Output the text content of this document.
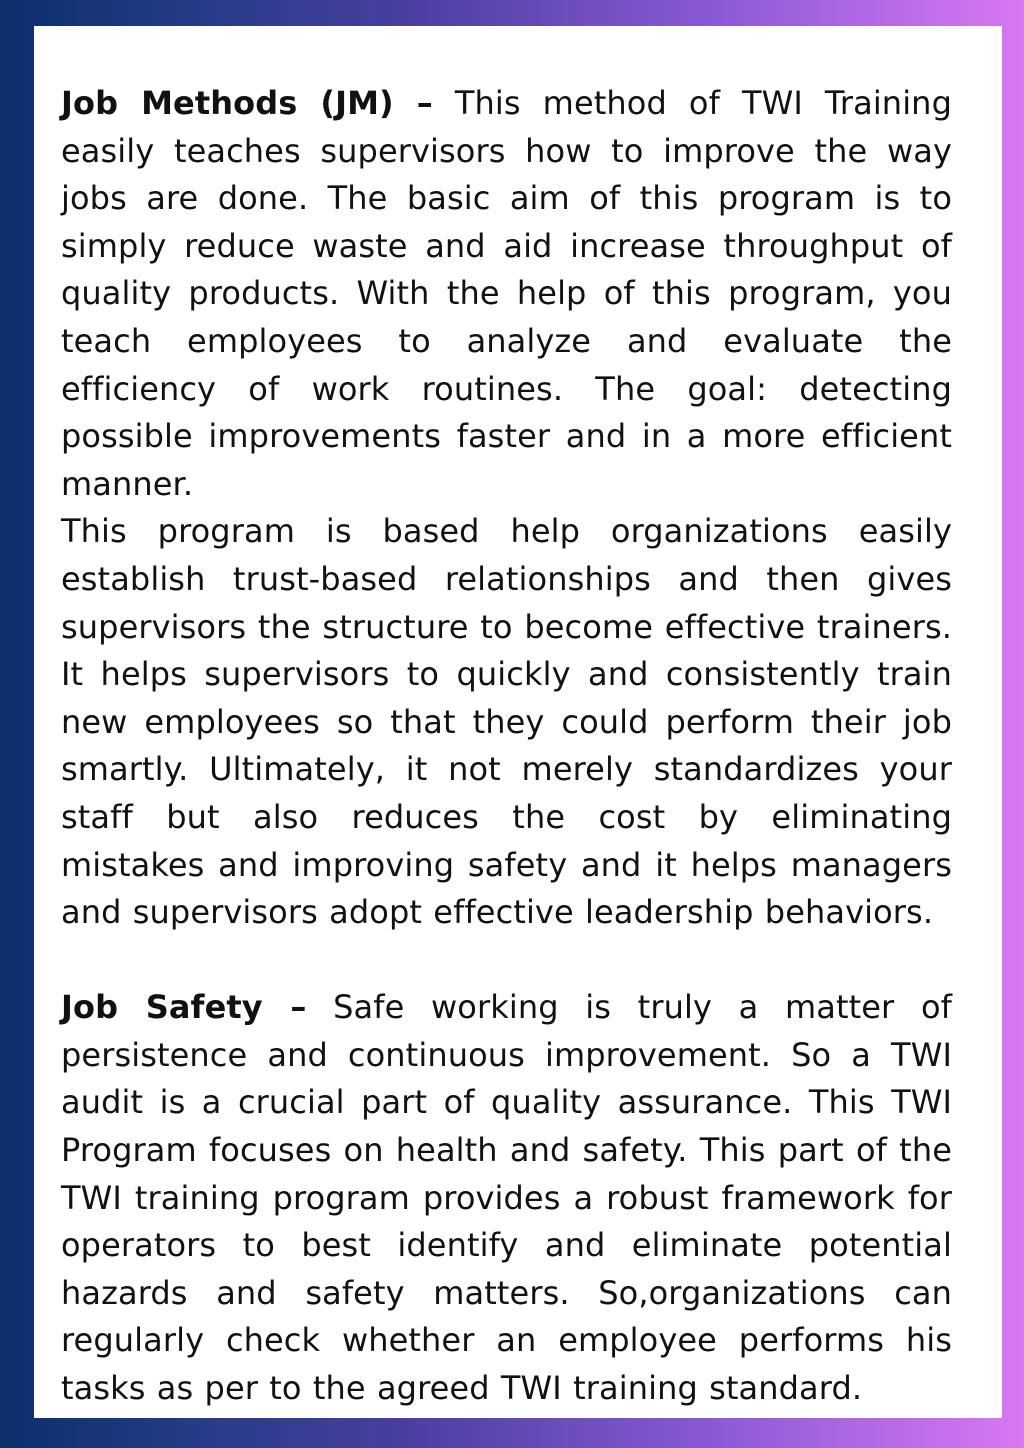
Job Methods (JM) – This method of TWI Training easily teaches supervisors how to improve the way jobs are done. The basic aim of this program is to simply reduce waste and aid increase throughput of quality products. With the help of this program, you teach employees to analyze and evaluate the efficiency of work routines. The goal: detecting possible improvements faster and in a more efficient manner.

This program is based help organizations easily establish trust-based relationships and then gives supervisors the structure to become effective trainers. It helps supervisors to quickly and consistently train new employees so that they could perform their job smartly. Ultimately, it not merely standardizes your staff but also reduces the cost by eliminating mistakes and improving safety and it helps managers and supervisors adopt effective leadership behaviors.

Job Safety – Safe working is truly a matter of persistence and continuous improvement. So a TWI audit is a crucial part of quality assurance. This TWI Program focuses on health and safety. This part of the TWI training program provides a robust framework for operators to best identify and eliminate potential hazards and safety matters. So,organizations can regularly check whether an employee performs his tasks as per to the agreed TWI training standard.
